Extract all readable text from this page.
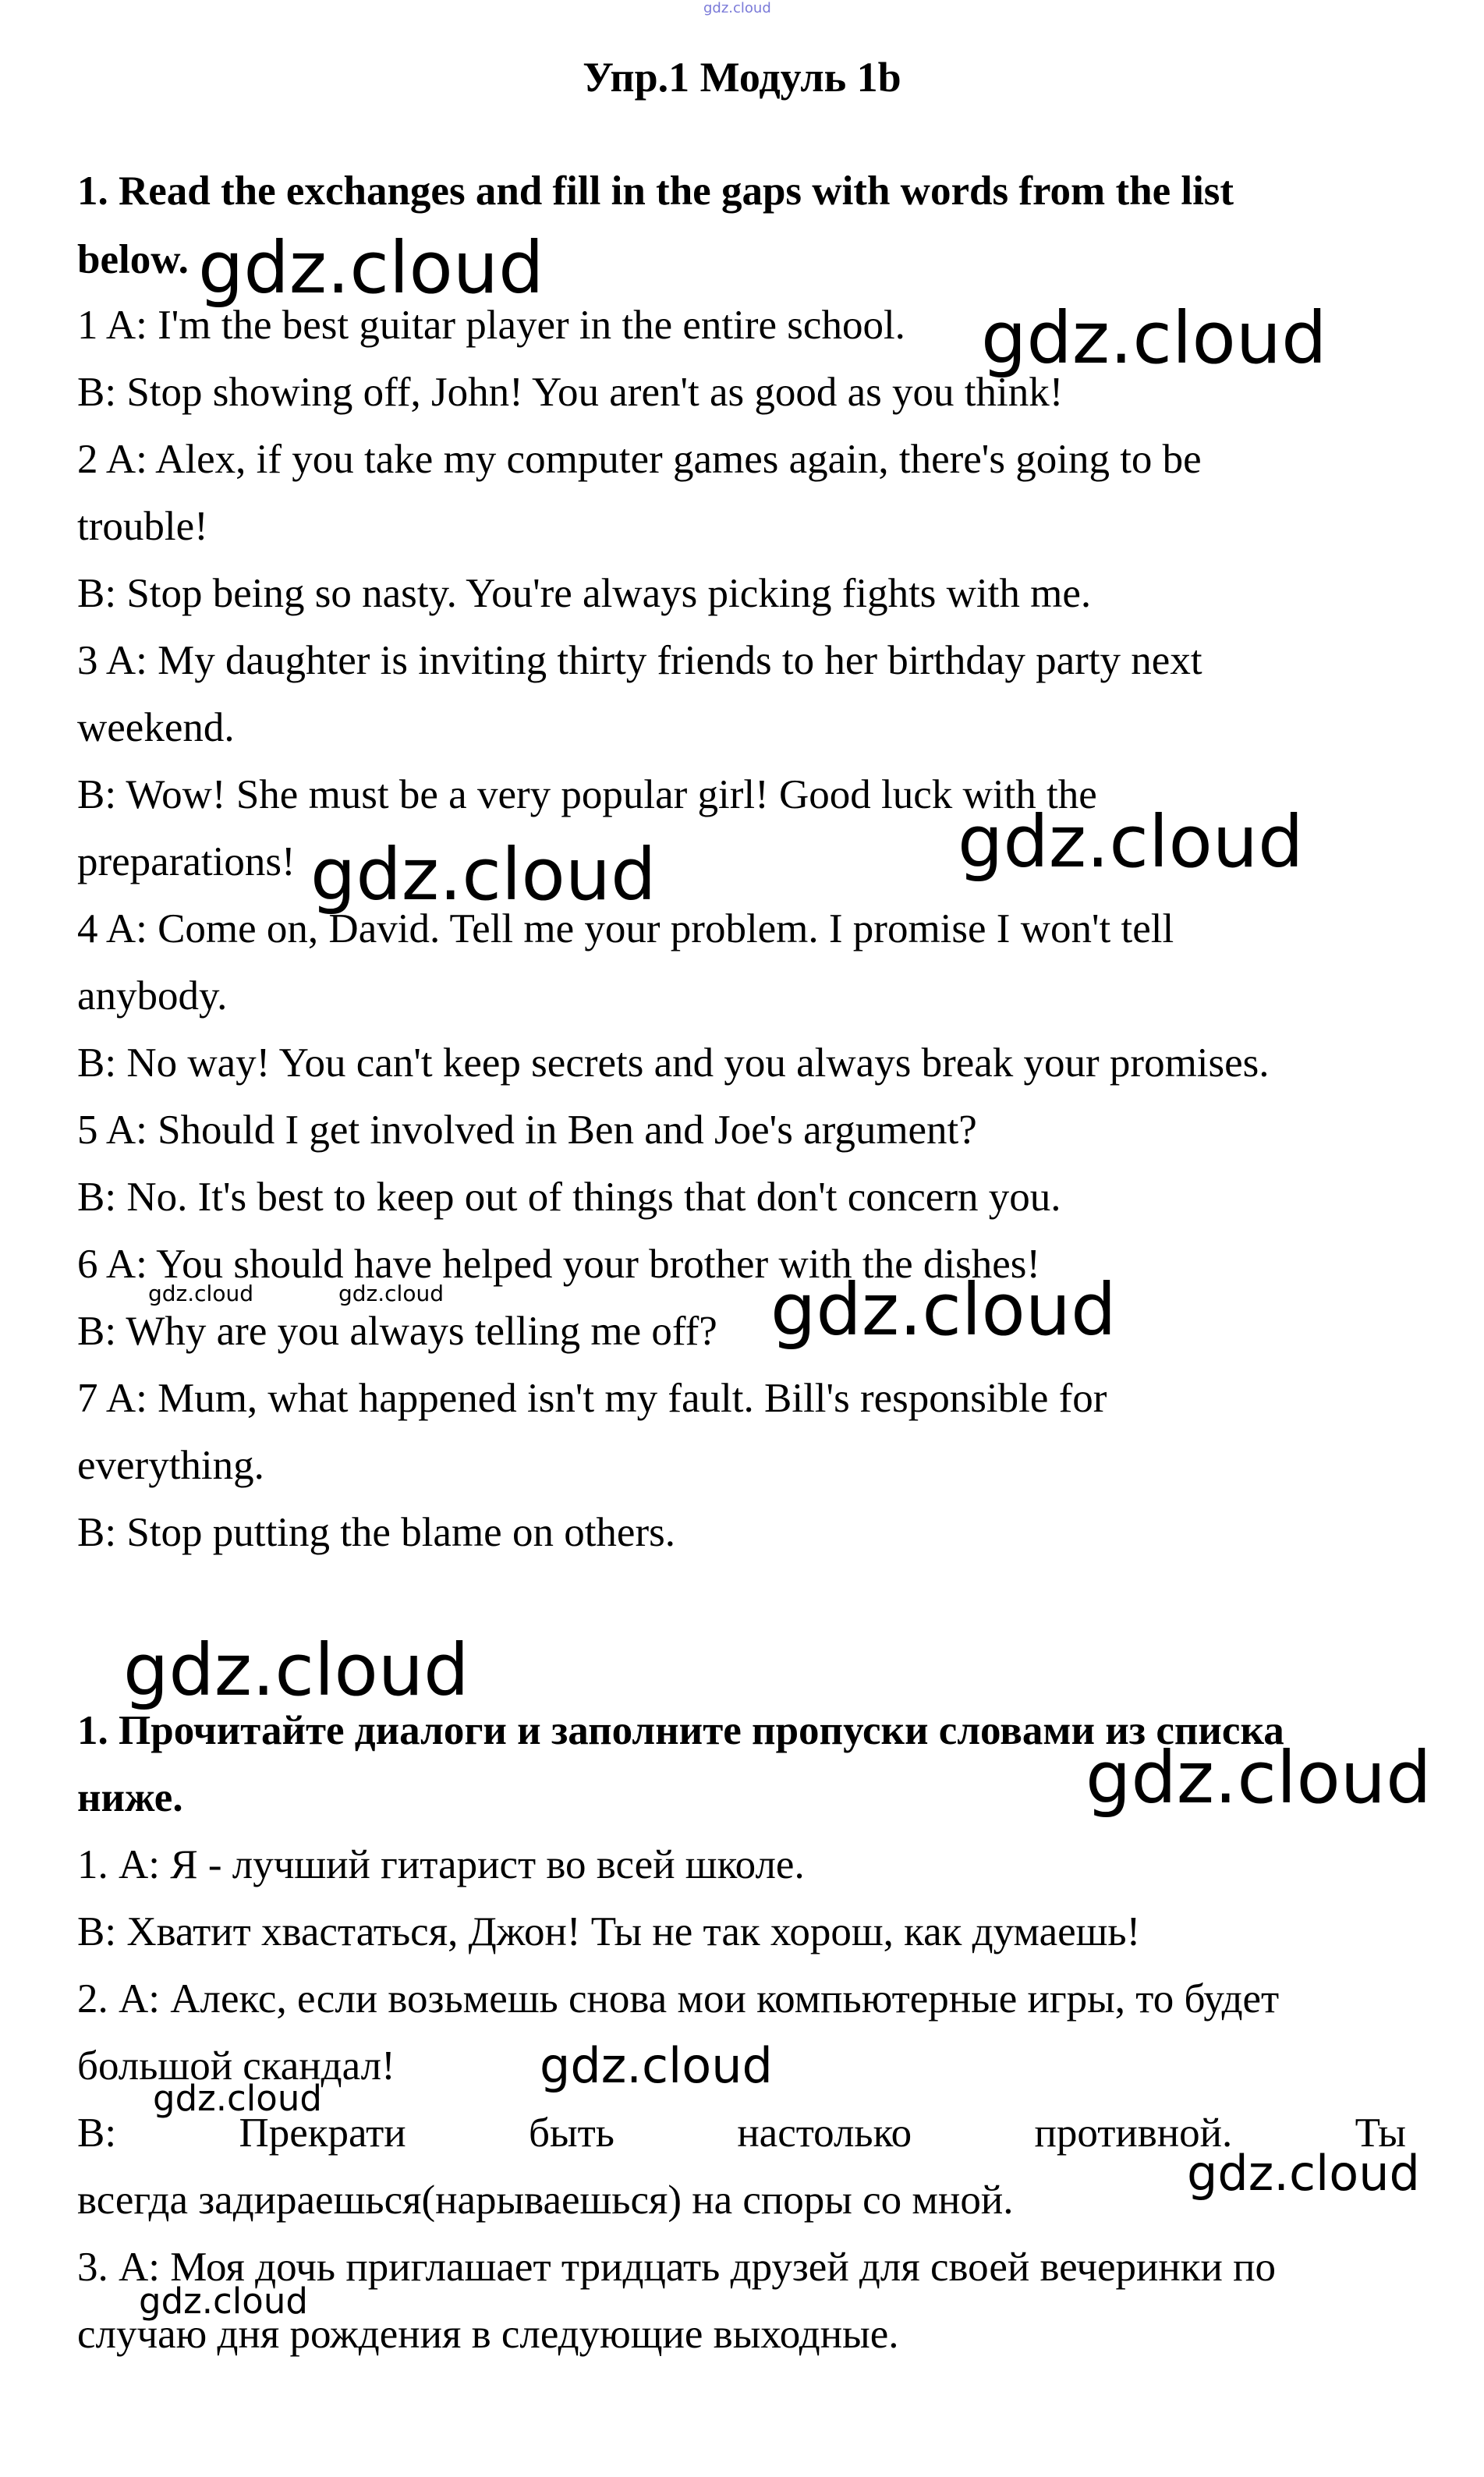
gdz.cloud
Упр.1 Модуль 1b
1. Read the exchanges and fill in the gaps with words from the list
below.
1 A: I'm the best guitar player in the entire school.
B: Stop showing off, John! You aren't as good as you think!
2 A: Alex, if you take my computer games again, there's going to be
trouble!
B: Stop being so nasty. You're always picking fights with me.
3 A: My daughter is inviting thirty friends to her birthday party next
weekend.
B: Wow! She must be a very popular girl! Good luck with the
preparations!
4 A: Come on, David. Tell me your problem. I promise I won't tell
anybody.
B: No way! You can't keep secrets and you always break your promises.
5 A: Should I get involved in Ben and Joe's argument?
B: No. It's best to keep out of things that don't concern you.
6 A: You should have helped your brother with the dishes!
B: Why are you always telling me off?
7 A: Mum, what happened isn't my fault. Bill's responsible for
everything.
B: Stop putting the blame on others.
1. Прочитайте диалоги и заполните пропуски словами из списка
ниже.
1. А: Я - лучший гитарист во всей школе.
В: Хватит хвастаться, Джон! Ты не так хорош, как думаешь!
2. А: Алекс, если возьмешь снова мои компьютерные игры, то будет
большой скандал!
В:	Прекрати	быть	настолько	противной.	Ты
всегда задираешься(нарываешься) на споры со мной.
3. А: Моя дочь приглашает тридцать друзей для своей вечеринки по
случаю дня рождения в следующие выходные.
gdz.cloud
gdz.cloud
gdz.cloud
gdz.cloud
gdz.cloud	gdz.cloud	gdz.cloud
gdz.cloud
gdz.cloud
gdz.cloud
gdz.cloud
gdz.cloud
gdz.cloud
